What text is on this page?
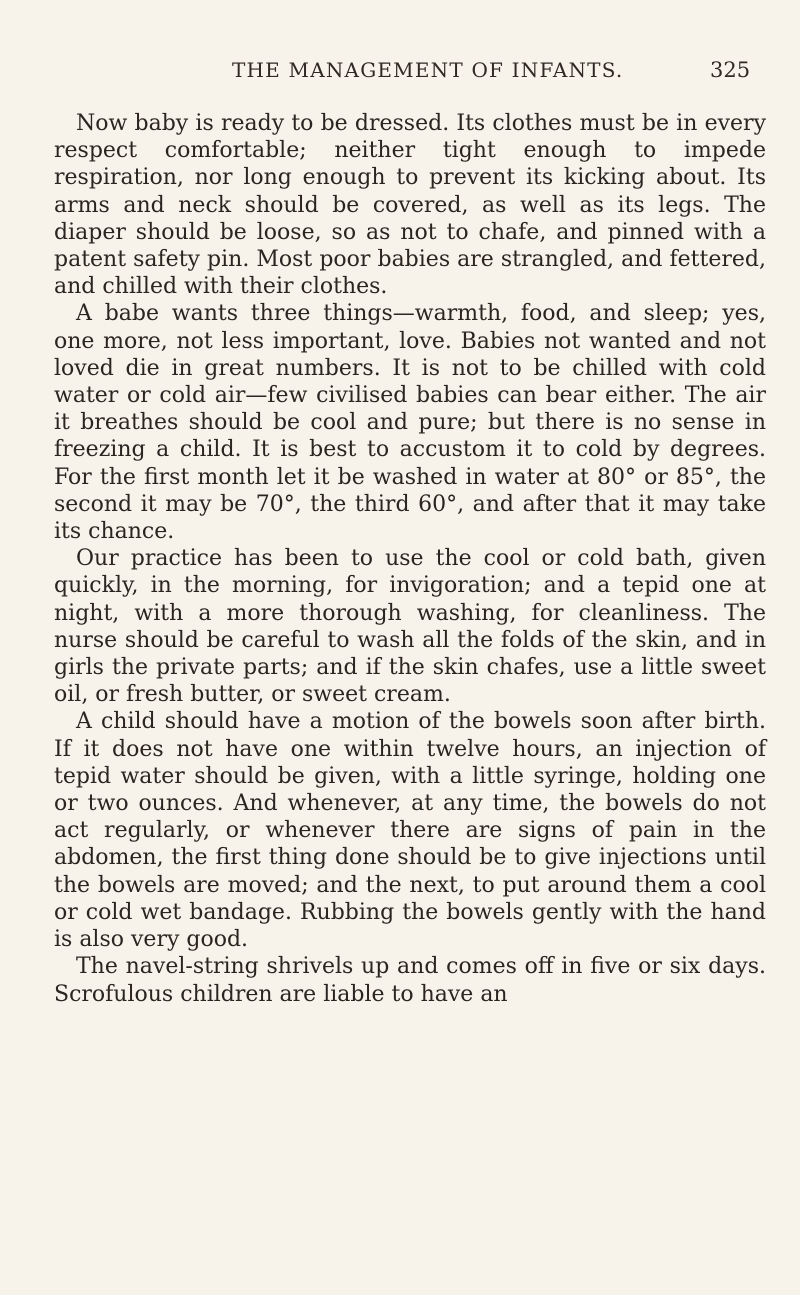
THE MANAGEMENT OF INFANTS.	325

Now baby is ready to be dressed. Its clothes must be in every respect comfortable; neither tight enough to impede respiration, nor long enough to prevent its kicking about. Its arms and neck should be covered, as well as its legs. The diaper should be loose, so as not to chafe, and pinned with a patent safety pin. Most poor babies are strangled, and fettered, and chilled with their clothes.

A babe wants three things—warmth, food, and sleep; yes, one more, not less important, love. Babies not wanted and not loved die in great numbers. It is not to be chilled with cold water or cold air—few civilised babies can bear either. The air it breathes should be cool and pure; but there is no sense in freezing a child. It is best to accustom it to cold by degrees. For the first month let it be washed in water at 80° or 85°, the second it may be 70°, the third 60°, and after that it may take its chance.

Our practice has been to use the cool or cold bath, given quickly, in the morning, for invigoration; and a tepid one at night, with a more thorough washing, for cleanliness. The nurse should be careful to wash all the folds of the skin, and in girls the private parts; and if the skin chafes, use a little sweet oil, or fresh butter, or sweet cream.

A child should have a motion of the bowels soon after birth. If it does not have one within twelve hours, an injection of tepid water should be given, with a little syringe, holding one or two ounces. And whenever, at any time, the bowels do not act regularly, or whenever there are signs of pain in the abdomen, the first thing done should be to give injections until the bowels are moved; and the next, to put around them a cool or cold wet bandage. Rubbing the bowels gently with the hand is also very good.

The navel-string shrivels up and comes off in five or six days. Scrofulous children are liable to have an
